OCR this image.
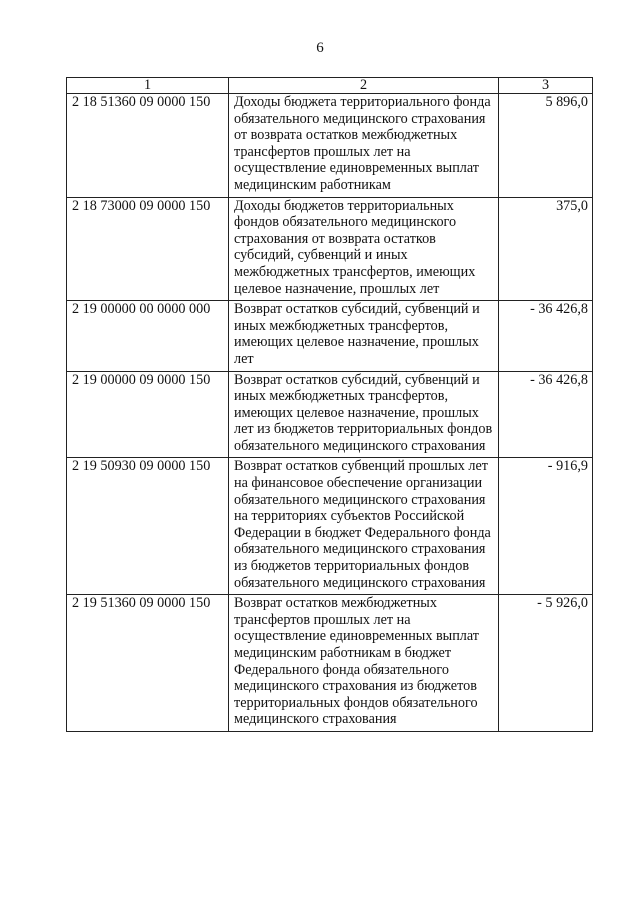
6
1	2	3
2 18 51360 09 0000 150	Доходы бюджета территориального фонда обязательного медицинского страхования от возврата остатков межбюджетных трансфертов прошлых лет на осуществление единовременных выплат медицинским работникам	5 896,0
2 18 73000 09 0000 150	Доходы бюджетов территориальных фондов обязательного медицинского страхования от возврата остатков субсидий, субвенций и иных межбюджетных трансфертов, имеющих целевое назначение, прошлых лет	375,0
2 19 00000 00 0000 000	Возврат остатков субсидий, субвенций и иных межбюджетных трансфертов, имеющих целевое назначение, прошлых лет	- 36 426,8
2 19 00000 09 0000 150	Возврат остатков субсидий, субвенций и иных межбюджетных трансфертов, имеющих целевое назначение, прошлых лет из бюджетов территориальных фондов обязательного медицинского страхования	- 36 426,8
2 19 50930 09 0000 150	Возврат остатков субвенций прошлых лет на финансовое обеспечение организации обязательного медицинского страхования на территориях субъектов Российской Федерации в бюджет Федерального фонда обязательного медицинского страхования из бюджетов территориальных фондов обязательного медицинского страхования	- 916,9
2 19 51360 09 0000 150	Возврат остатков межбюджетных трансфертов прошлых лет на осуществление единовременных выплат медицинским работникам в бюджет Федерального фонда обязательного медицинского страхования из бюджетов территориальных фондов обязательного медицинского страхования	- 5 926,0
